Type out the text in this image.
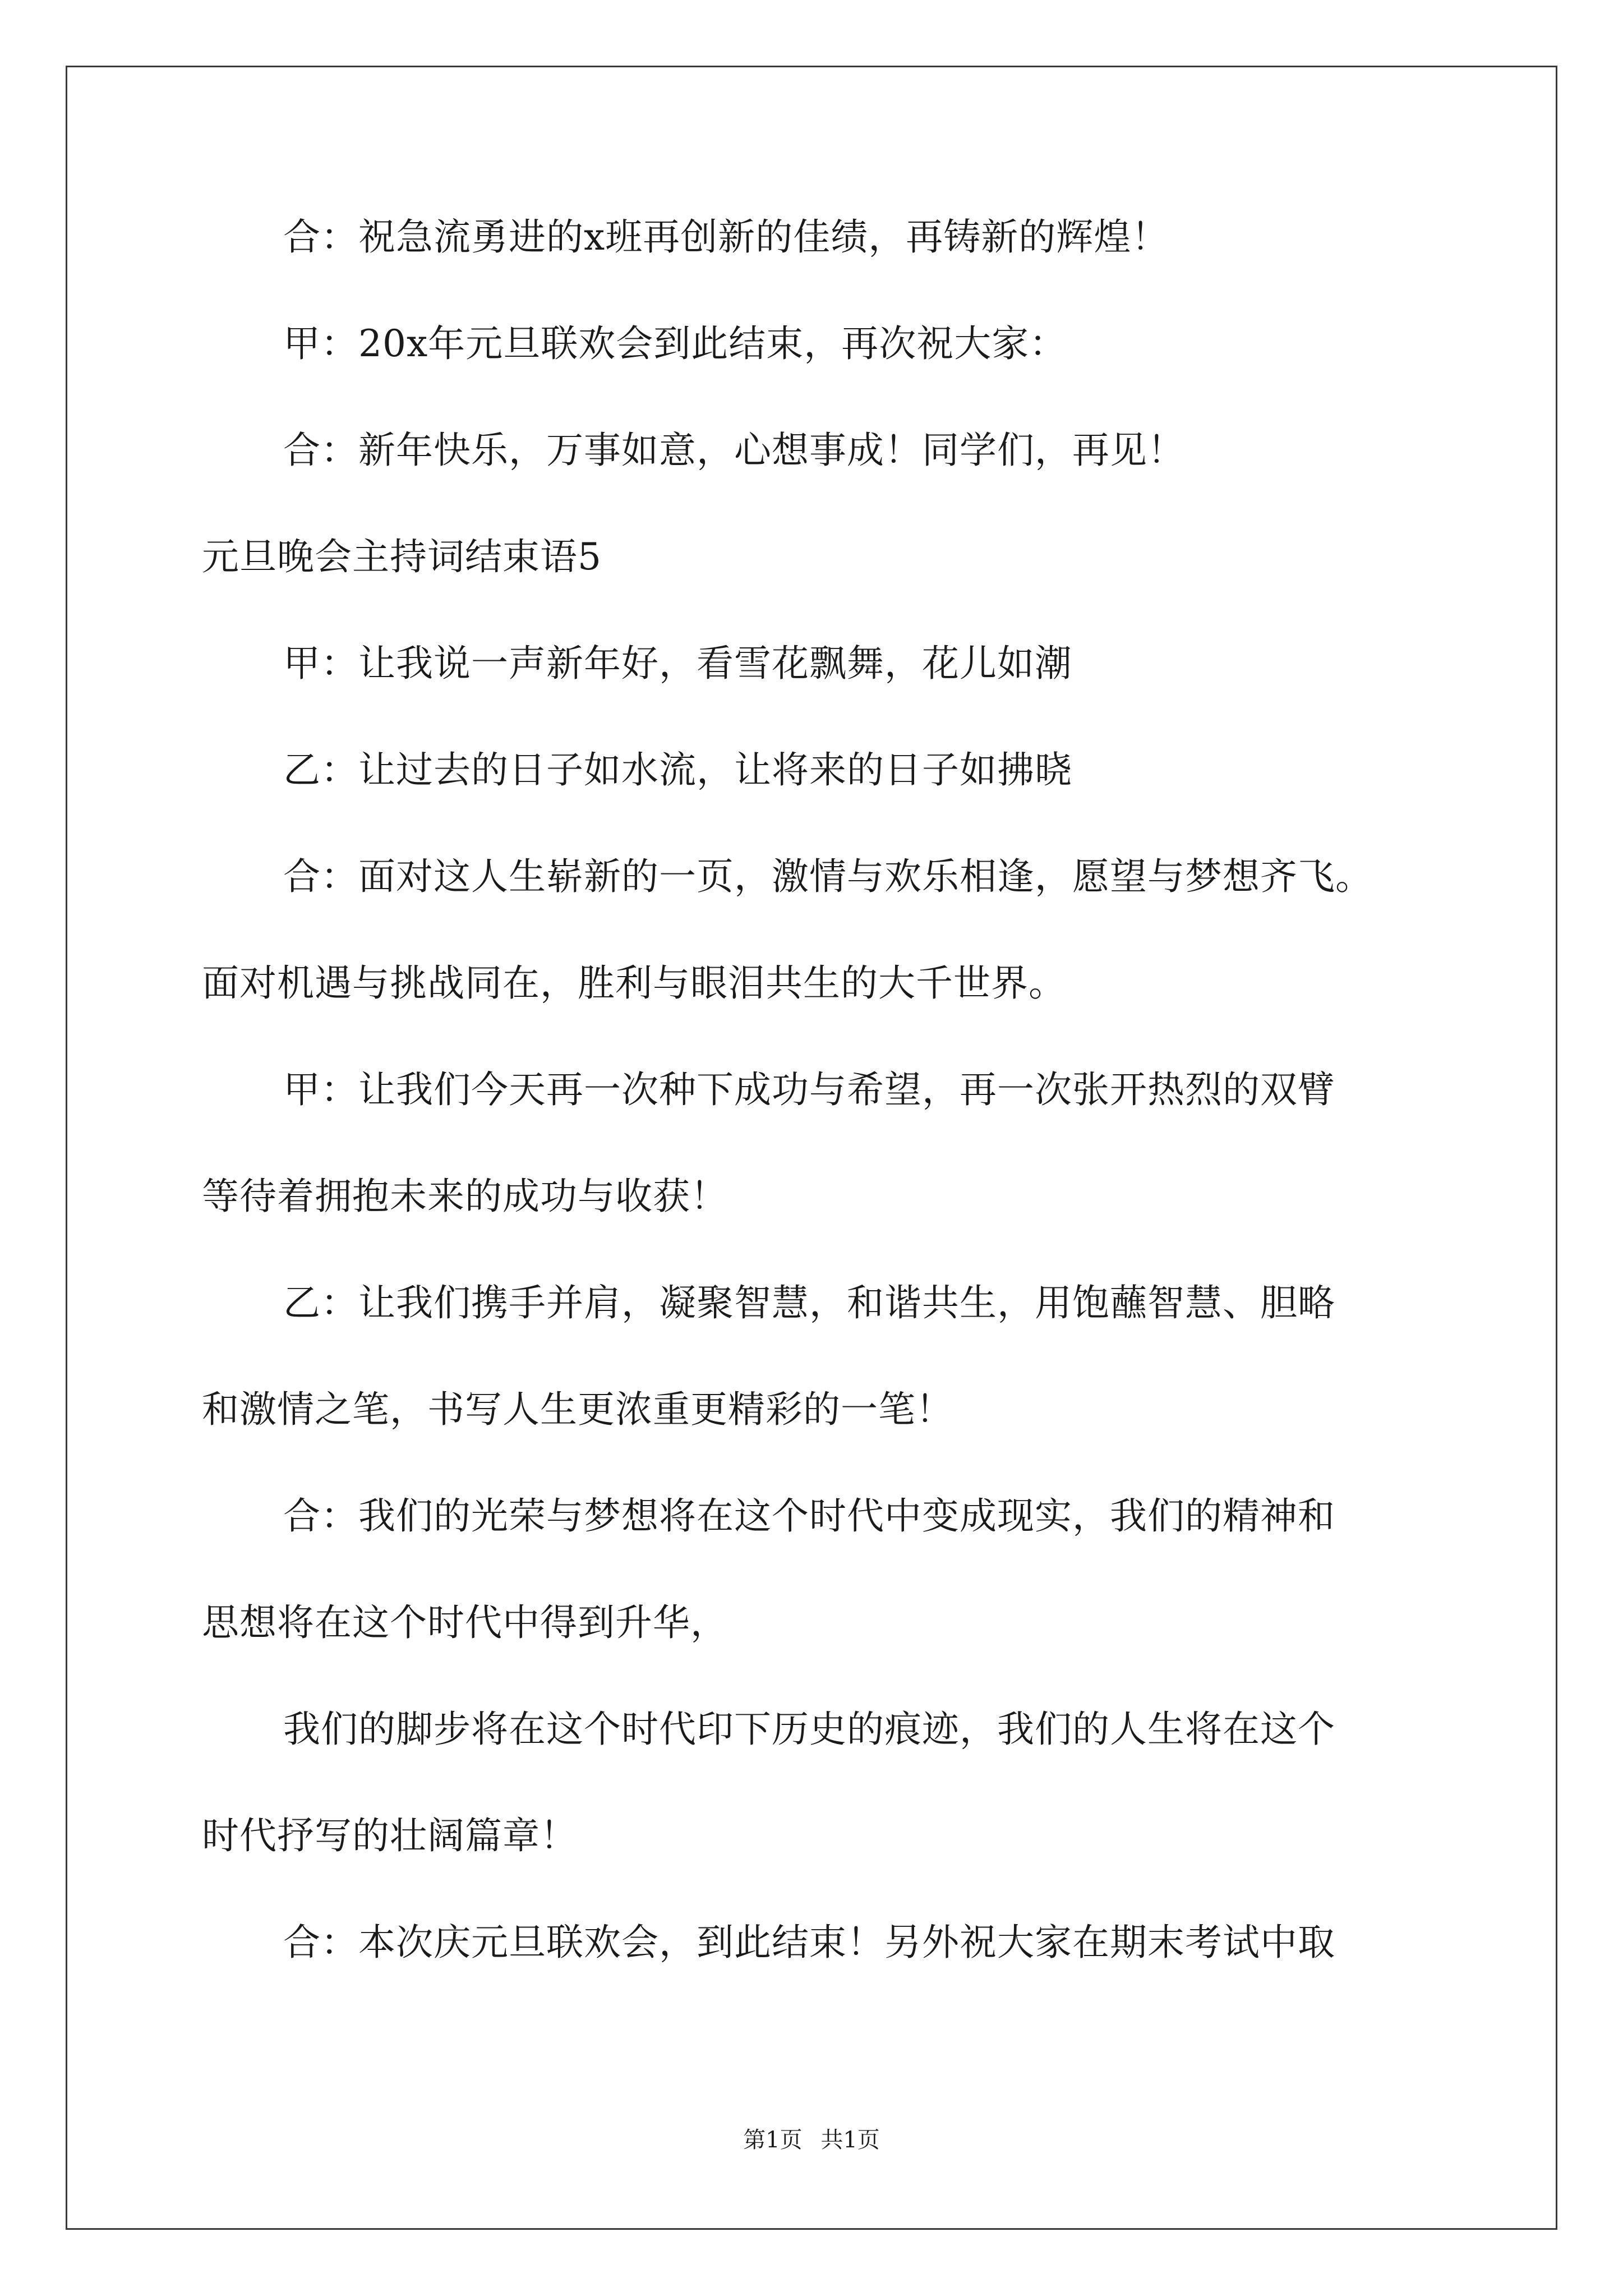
合：祝急流勇进的x班再创新的佳绩，再铸新的辉煌！
甲：20x年元旦联欢会到此结束，再次祝大家：
合：新年快乐，万事如意，心想事成！同学们，再见！
元旦晚会主持词结束语5
甲：让我说一声新年好，看雪花飘舞，花儿如潮
乙：让过去的日子如水流，让将来的日子如拂晓
合：面对这人生崭新的一页，激情与欢乐相逢，愿望与梦想齐飞。
面对机遇与挑战同在，胜利与眼泪共生的大千世界。
甲：让我们今天再一次种下成功与希望，再一次张开热烈的双臂
等待着拥抱未来的成功与收获！
乙：让我们携手并肩，凝聚智慧，和谐共生，用饱蘸智慧、胆略
和激情之笔，书写人生更浓重更精彩的一笔！
合：我们的光荣与梦想将在这个时代中变成现实，我们的精神和
思想将在这个时代中得到升华，
我们的脚步将在这个时代印下历史的痕迹，我们的人生将在这个
时代抒写的壮阔篇章！
合：本次庆元旦联欢会，到此结束！另外祝大家在期末考试中取
第1页 共1页
